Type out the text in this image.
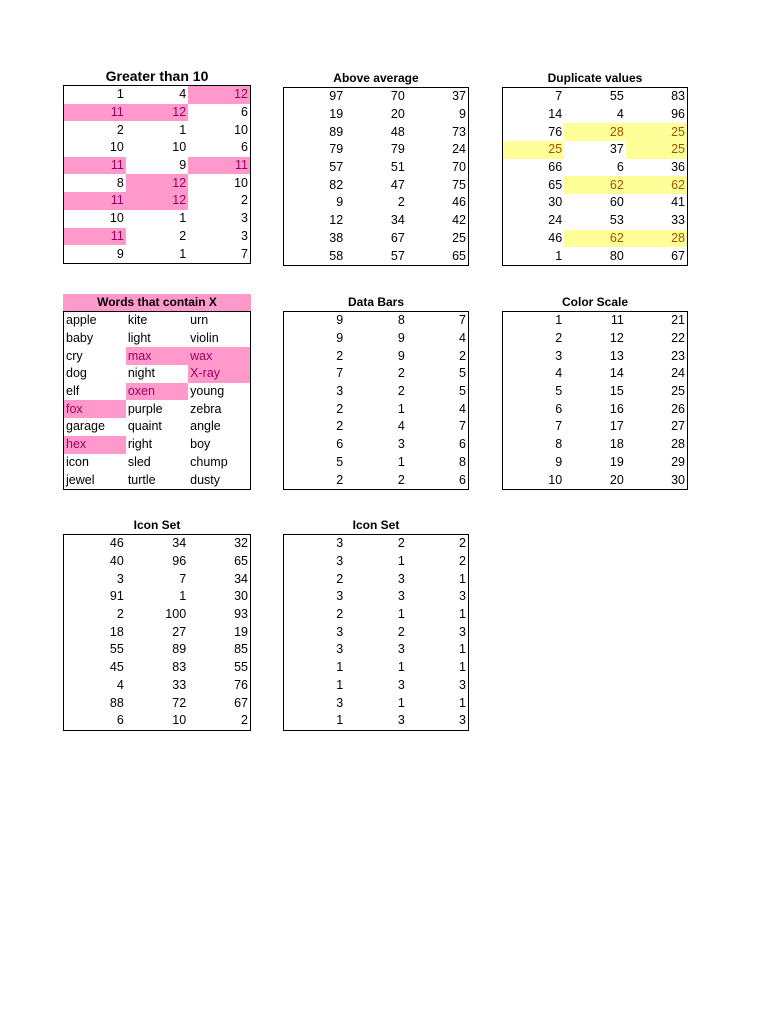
Greater than 10
1	4	12
11	12	6
2	1	10
10	10	6
11	9	11
8	12	10
11	12	2
10	1	3
11	2	3
9	1	7
Above average
97	70	37
19	20	9
89	48	73
79	79	24
57	51	70
82	47	75
9	2	46
12	34	42
38	67	25
58	57	65
Duplicate values
7	55	83
14	4	96
76	28	25
25	37	25
66	6	36
65	62	62
30	60	41
24	53	33
46	62	28
1	80	67
Words that contain X
apple	kite	urn
baby	light	violin
cry	max	wax
dog	night	X-ray
elf	oxen	young
fox	purple	zebra
garage	quaint	angle
hex	right	boy
icon	sled	chump
jewel	turtle	dusty
Data Bars
9	8	7
9	9	4
2	9	2
7	2	5
3	2	5
2	1	4
2	4	7
6	3	6
5	1	8
2	2	6
Color Scale
1	11	21
2	12	22
3	13	23
4	14	24
5	15	25
6	16	26
7	17	27
8	18	28
9	19	29
10	20	30
Icon Set
46	34	32
40	96	65
3	7	34
91	1	30
2	100	93
18	27	19
55	89	85
45	83	55
4	33	76
88	72	67
6	10	2
Icon Set
3	2	2
3	1	2
2	3	1
3	3	3
2	1	1
3	2	3
3	3	1
1	1	1
1	3	3
3	1	1
1	3	3
